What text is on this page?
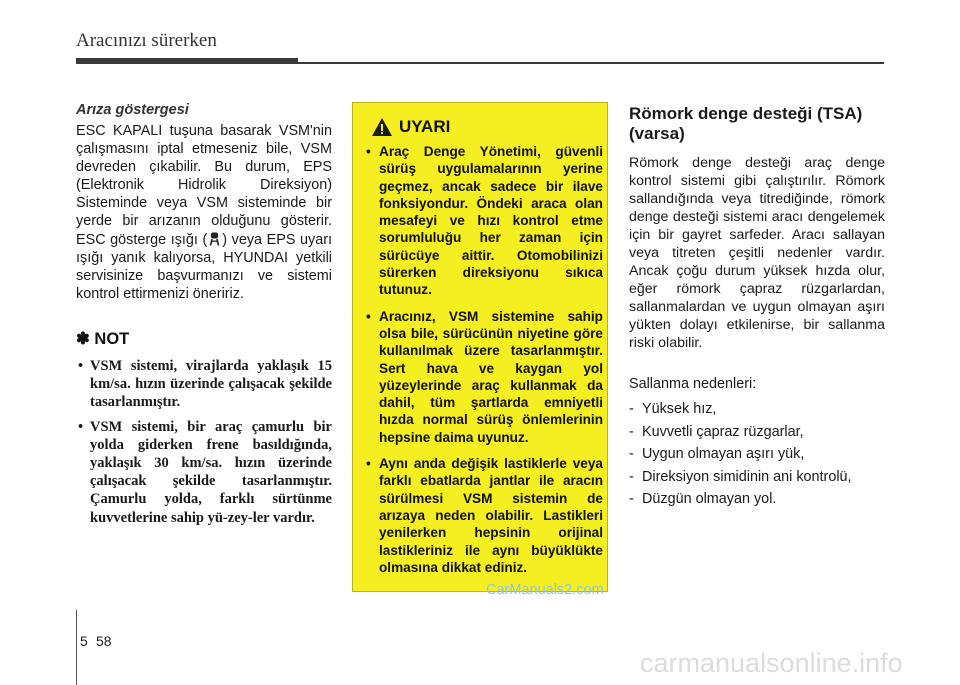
Aracınızı sürerken
Arıza göstergesi

ESC KAPALI tuşuna basarak VSM'nin çalışmasını iptal etmeseniz bile, VSM devreden çıkabilir. Bu durum, EPS (Elektronik Hidrolik Direksiyon) Sisteminde veya VSM sisteminde bir yerde bir arızanın olduğunu gösterir. ESC gösterge ışığı ( ) veya EPS uyarı ışığı yanık kalıyorsa, HYUNDAI yetkili servisinize başvurmanızı ve sistemi kontrol ettirmenizi öneririz.

✽ NOT
• VSM sistemi, virajlarda yaklaşık 15 km/sa. hızın üzerinde çalışacak şekilde tasarlanmıştır.
• VSM sistemi, bir araç çamurlu bir yolda giderken frene basıldığında, yaklaşık 30 km/sa. hızın üzerinde çalışacak şekilde tasarlanmıştır. Çamurlu yolda, farklı sürtünme kuvvetlerine sahip yü-zey-ler vardır.
UYARI
• Araç Denge Yönetimi, güvenli sürüş uygulamalarının yerine geçmez, ancak sadece bir ilave fonksiyondur. Öndeki araca olan mesafeyi ve hızı kontrol etme sorumluluğu her zaman için sürücüye aittir. Otomobilinizi sürerken direksiyonu sıkıca tutunuz.
• Aracınız, VSM sistemine sahip olsa bile, sürücünün niyetine göre kullanılmak üzere tasarlanmıştır. Sert hava ve kaygan yol yüzeylerinde araç kullanmak da dahil, tüm şartlarda emniyetli hızda normal sürüş önlemlerinin hepsine daima uyunuz.
• Aynı anda değişik lastiklerle veya farklı ebatlarda jantlar ile aracın sürülmesi VSM sistemin de arızaya neden olabilir. Lastikleri yenilerken hepsinin orijinal lastikleriniz ile aynı büyüklükte olmasına dikkat ediniz.
Römork denge desteği (TSA) (varsa)

Römork denge desteği araç denge kontrol sistemi gibi çalıştırılır. Römork sallandığında veya titrediğinde, römork denge desteği sistemi aracı dengelemek için bir gayret sarfeder. Aracı sallayan veya titreten çeşitli nedenler vardır. Ancak çoğu durum yüksek hızda olur, eğer römork çapraz rüzgarlardan, sallanmalardan ve uygun olmayan aşırı yükten dolayı etkilenirse, bir sallanma riski olabilir.

Sallanma nedenleri:
- Yüksek hız,
- Kuvvetli çapraz rüzgarlar,
- Uygun olmayan aşırı yük,
- Direksiyon simidinin ani kontrolü,
- Düzgün olmayan yol.
CarManuals2.com
5 58
carmanualsonline.info
